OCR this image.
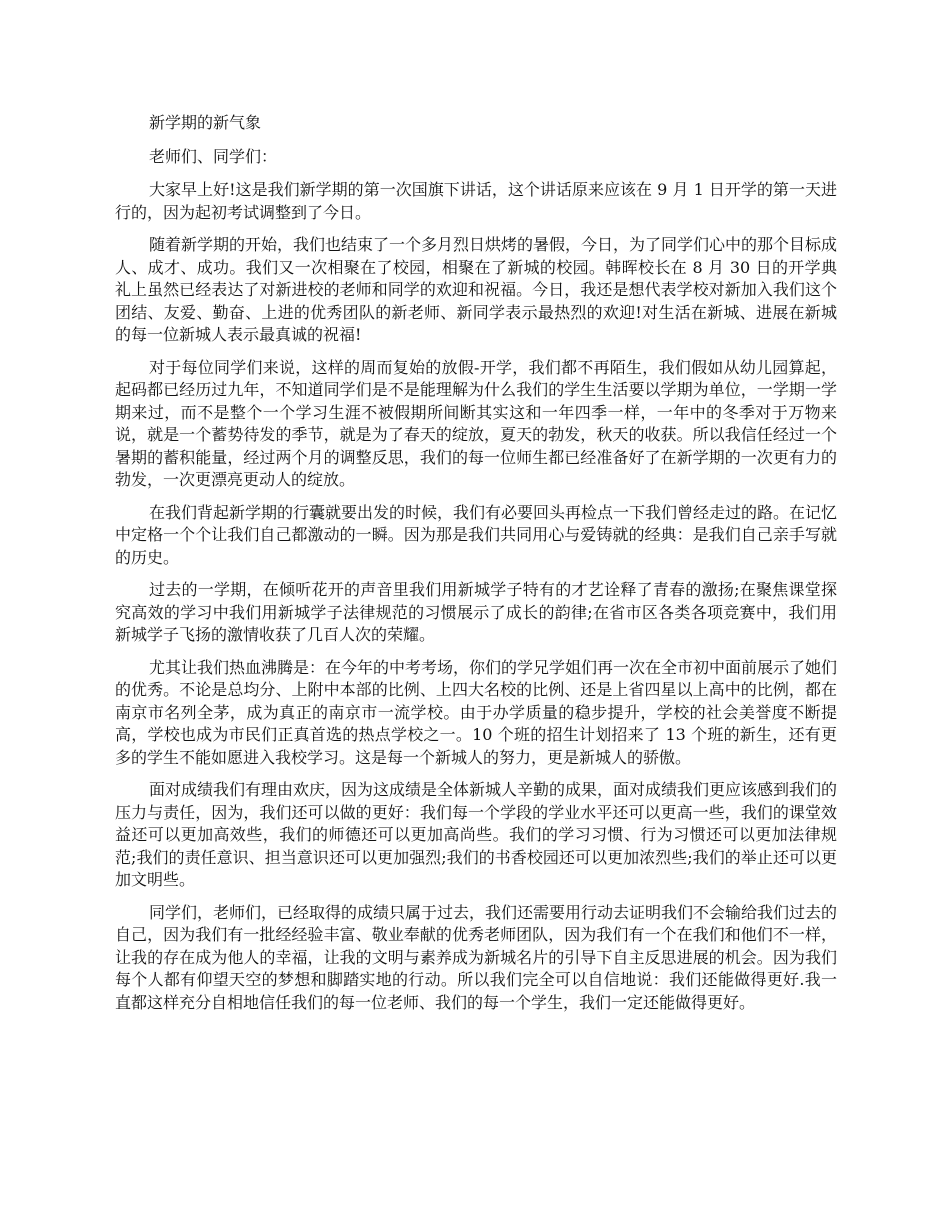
新学期的新气象

老师们、同学们：

大家早上好!这是我们新学期的第一次国旗下讲话，这个讲话原来应该在 9 月 1 日开学的第一天进行的，因为起初考试调整到了今日。

随着新学期的开始，我们也结束了一个多月烈日烘烤的暑假，今日，为了同学们心中的那个目标成人、成才、成功。我们又一次相聚在了校园，相聚在了新城的校园。韩晖校长在 8 月 30 日的开学典礼上虽然已经表达了对新进校的老师和同学的欢迎和祝福。今日，我还是想代表学校对新加入我们这个团结、友爱、勤奋、上进的优秀团队的新老师、新同学表示最热烈的欢迎!对生活在新城、进展在新城的每一位新城人表示最真诚的祝福!

对于每位同学们来说，这样的周而复始的放假-开学，我们都不再陌生，我们假如从幼儿园算起，起码都已经历过九年，不知道同学们是不是能理解为什么我们的学生生活要以学期为单位，一学期一学期来过，而不是整个一个学习生涯不被假期所间断其实这和一年四季一样，一年中的冬季对于万物来说，就是一个蓄势待发的季节，就是为了春天的绽放，夏天的勃发，秋天的收获。所以我信任经过一个暑期的蓄积能量，经过两个月的调整反思，我们的每一位师生都已经准备好了在新学期的一次更有力的勃发，一次更漂亮更动人的绽放。

在我们背起新学期的行囊就要出发的时候，我们有必要回头再检点一下我们曾经走过的路。在记忆中定格一个个让我们自己都激动的一瞬。因为那是我们共同用心与爱铸就的经典：是我们自己亲手写就的历史。

过去的一学期，在倾听花开的声音里我们用新城学子特有的才艺诠释了青春的激扬;在聚焦课堂探究高效的学习中我们用新城学子法律规范的习惯展示了成长的韵律;在省市区各类各项竞赛中，我们用新城学子飞扬的激情收获了几百人次的荣耀。

尤其让我们热血沸腾是：在今年的中考考场，你们的学兄学姐们再一次在全市初中面前展示了她们的优秀。不论是总均分、上附中本部的比例、上四大名校的比例、还是上省四星以上高中的比例，都在南京市名列全茅，成为真正的南京市一流学校。由于办学质量的稳步提升，学校的社会美誉度不断提高，学校也成为市民们正真首选的热点学校之一。10 个班的招生计划招来了 13 个班的新生，还有更多的学生不能如愿进入我校学习。这是每一个新城人的努力，更是新城人的骄傲。

面对成绩我们有理由欢庆，因为这成绩是全体新城人辛勤的成果，面对成绩我们更应该感到我们的压力与责任，因为，我们还可以做的更好：我们每一个学段的学业水平还可以更高一些，我们的课堂效益还可以更加高效些，我们的师德还可以更加高尚些。我们的学习习惯、行为习惯还可以更加法律规范;我们的责任意识、担当意识还可以更加强烈;我们的书香校园还可以更加浓烈些;我们的举止还可以更加文明些。

同学们，老师们，已经取得的成绩只属于过去，我们还需要用行动去证明我们不会输给我们过去的自己，因为我们有一批经经验丰富、敬业奉献的优秀老师团队，因为我们有一个在我们和他们不一样，让我的存在成为他人的幸福，让我的文明与素养成为新城名片的引导下自主反思进展的机会。因为我们每个人都有仰望天空的梦想和脚踏实地的行动。所以我们完全可以自信地说：我们还能做得更好.我一直都这样充分自相地信任我们的每一位老师、我们的每一个学生，我们一定还能做得更好。
